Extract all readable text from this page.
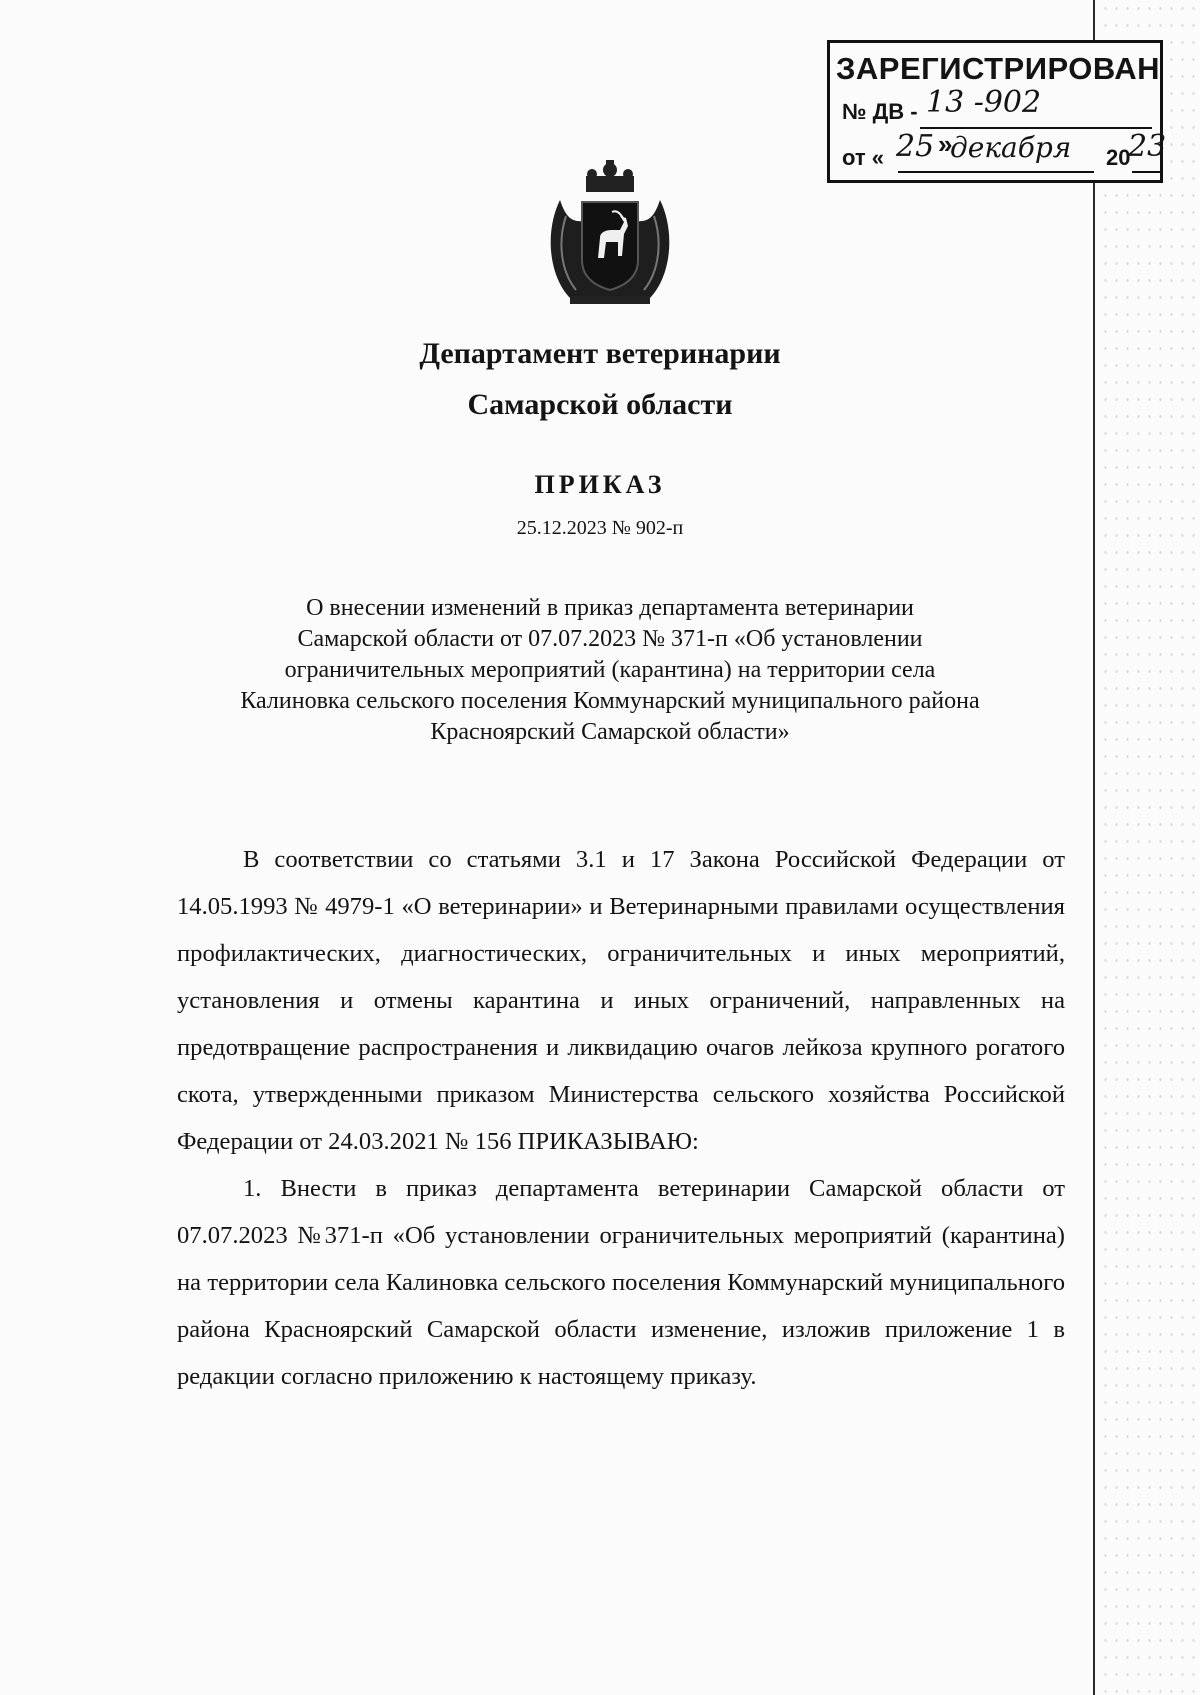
ЗАРЕГИСТРИРОВАН
№ ДВ - 13 -902
от «	20
25 »
декабря 23
Департамент ветеринарии
Самарской области
ПРИКАЗ
25.12.2023 № 902-п
О внесении изменений в приказ департамента ветеринарии
Самарской области от 07.07.2023 № 371-п «Об установлении
ограничительных мероприятий (карантина) на территории села
Калиновка сельского поселения Коммунарский муниципального района
Красноярский Самарской области»

В соответствии со статьями 3.1 и 17 Закона Российской Федерации от 14.05.1993 № 4979-1 «О ветеринарии» и Ветеринарными правилами осуществления профилактических, диагностических, ограничительных и иных мероприятий, установления и отмены карантина и иных ограничений, направленных на предотвращение распространения и ликвидацию очагов лейкоза крупного рогатого скота, утвержденными приказом Министерства сельского хозяйства Российской Федерации от 24.03.2021 № 156 ПРИКАЗЫВАЮ:

1. Внести в приказ департамента ветеринарии Самарской области от 07.07.2023 №371-п «Об установлении ограничительных мероприятий (карантина) на территории села Калиновка сельского поселения Коммунарский муниципального района Красноярский Самарской области изменение, изложив приложение 1 в редакции согласно приложению к настоящему приказу.
